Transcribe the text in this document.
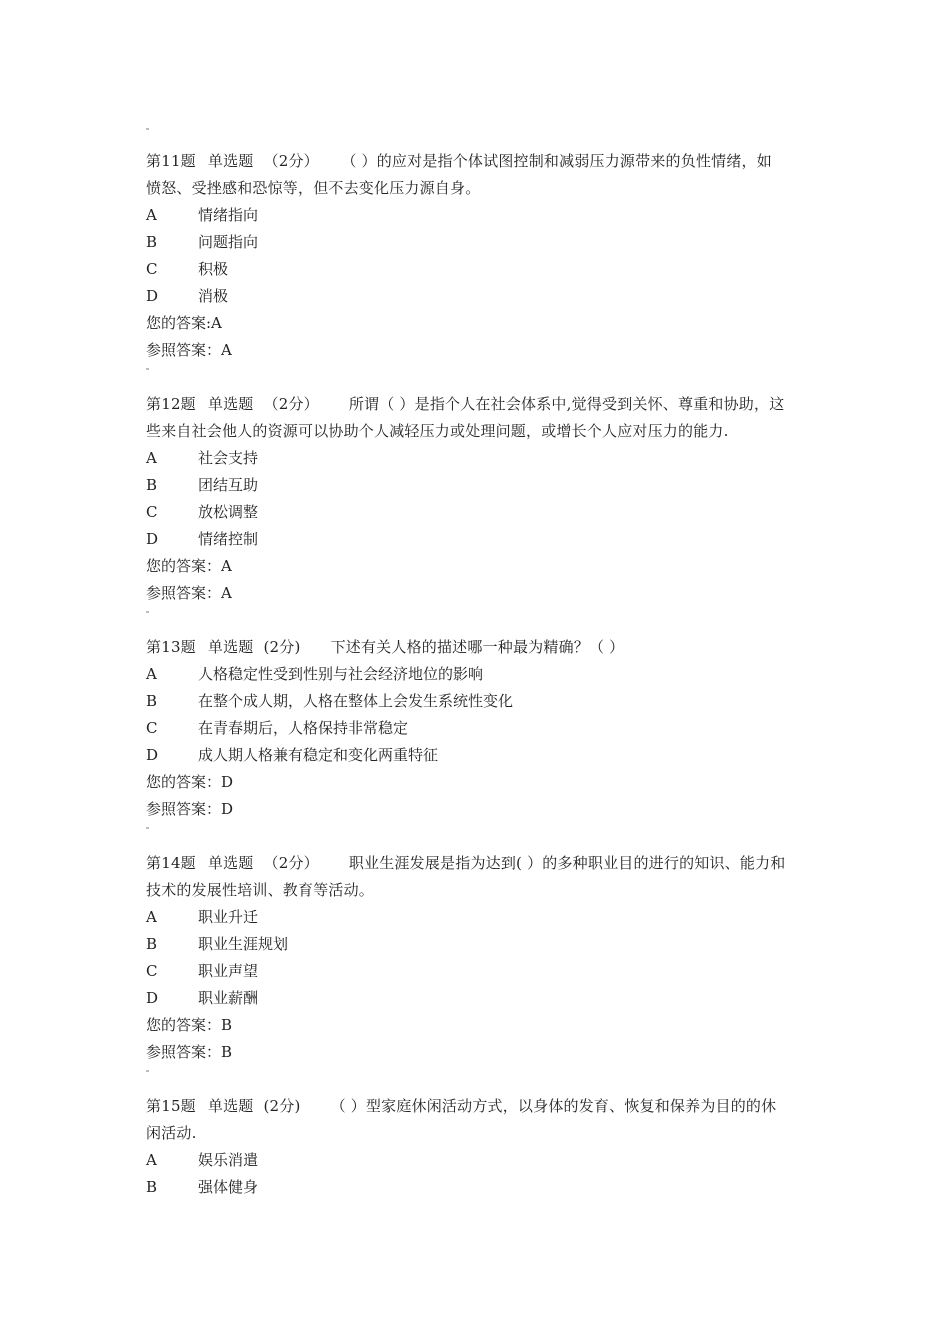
第11题 单选题 （2分） （ ）的应对是指个体试图控制和减弱压力源带来的负性情绪，如愤怒、受挫感和恐惊等，但不去变化压力源自身。

A	情绪指向
B	问题指向
C	积极
D	消极
您的答案:A
参照答案：A

第12题 单选题 （2分） 所谓（ ）是指个人在社会体系中,觉得受到关怀、尊重和协助，这些来自社会他人的资源可以协助个人减轻压力或处理问题，或增长个人应对压力的能力.

A	社会支持
B	团结互助
C	放松调整
D	情绪控制
您的答案：A
参照答案：A

第13题 单选题 (2分) 下述有关人格的描述哪一种最为精确？（ ）

A	人格稳定性受到性别与社会经济地位的影响
B	在整个成人期，人格在整体上会发生系统性变化
C	在青春期后，人格保持非常稳定
D	成人期人格兼有稳定和变化两重特征
您的答案：D
参照答案：D

第14题 单选题 （2分） 职业生涯发展是指为达到( ）的多种职业目的进行的知识、能力和技术的发展性培训、教育等活动。

A	职业升迁
B	职业生涯规划
C	职业声望
D	职业薪酬
您的答案：B
参照答案：B

第15题 单选题 (2分) （ ）型家庭休闲活动方式，以身体的发育、恢复和保养为目的的休闲活动.

A	娱乐消遣
B	强体健身
